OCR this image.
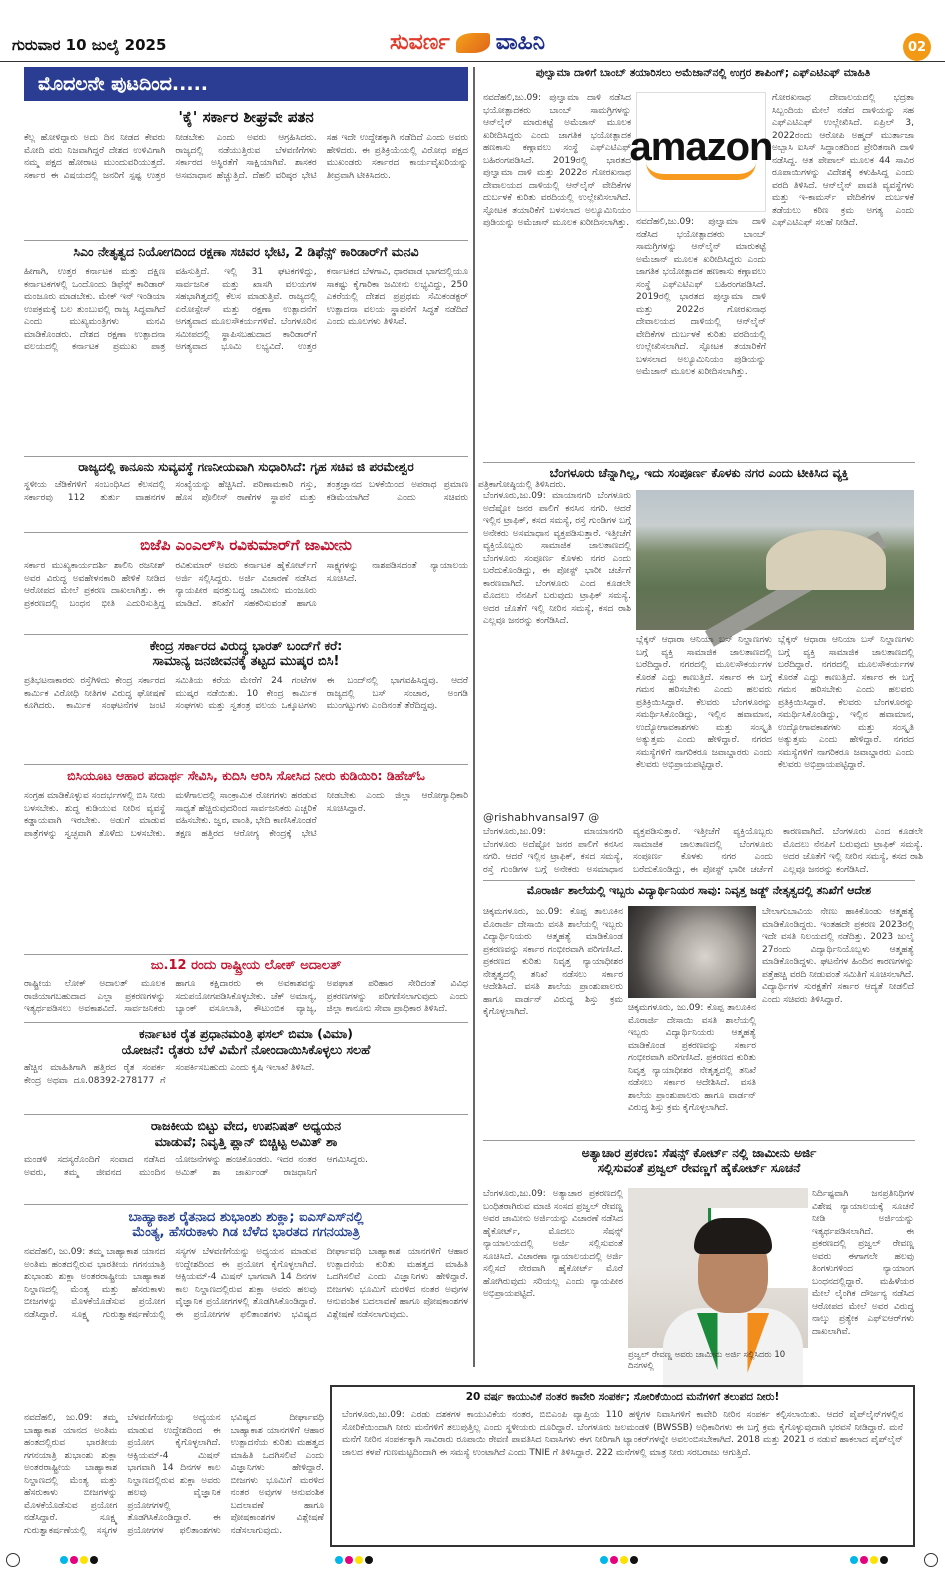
ಗುರುವಾರ 10 ಜುಲೈ 2025	ಸುವರ್ಣ ವಾಹಿನಿ	02
ಮೊದಲನೇ ಪುಟದಿಂದ.....
'ಕೈ' ಸರ್ಕಾರ ಶೀಘ್ರವೇ ಪತನ
ಕೆಲ್ಲ ಹೋಳಿದ್ದಾರು ಅದು ದಿನ ನೀಡದ ಕೇವರು ಮೋದಿ ವರು ನಿಜವಾಗಿದ್ದರೆ ದೇಶದ ಉಳಿವಿಗಾಗಿ ನಮ್ಮ ಪಕ್ಷದ ಹೋರಾಟ ಮುಂದುವರಿಯುತ್ತದೆ. ಸರ್ಕಾರ ಈ ವಿಷಯದಲ್ಲಿ ಜನರಿಗೆ ಸ್ಪಷ್ಟ ಉತ್ತರ ನೀಡಬೇಕು ಎಂದು ಅವರು ಆಗ್ರಹಿಸಿದರು. ರಾಜ್ಯದಲ್ಲಿ ನಡೆಯುತ್ತಿರುವ ಬೆಳವಣಿಗೆಗಳು ಸರ್ಕಾರದ ಅಸ್ಥಿರತೆಗೆ ಸಾಕ್ಷಿಯಾಗಿವೆ. ಶಾಸಕರ ಅಸಮಾಧಾನ ಹೆಚ್ಚುತ್ತಿದೆ. ದೆಹಲಿ ವರಿಷ್ಠರ ಭೇಟಿ ಸಹ ಇದೇ ಉದ್ದೇಶಕ್ಕಾಗಿ ನಡೆದಿದೆ ಎಂದು ಅವರು ಹೇಳಿದರು. ಈ ಪ್ರತಿಕ್ರಿಯೆಯಲ್ಲಿ ವಿರೋಧ ಪಕ್ಷದ ಮುಖಂಡರು ಸರ್ಕಾರದ ಕಾರ್ಯವೈಖರಿಯನ್ನು ತೀವ್ರವಾಗಿ ಟೀಕಿಸಿದರು.
ಸಿಎಂ ನೇತೃತ್ವದ ನಿಯೋಗದಿಂದ ರಕ್ಷಣಾ ಸಚಿವರ ಭೇಟಿ, 2 ಡಿಫೆನ್ಸ್ ಕಾರಿಡಾರ್‌ಗೆ ಮನವಿ
ಹೀಗಾಗಿ, ಉತ್ತರ ಕರ್ನಾಟಕ ಮತ್ತು ದಕ್ಷಿಣ ಕರ್ನಾಟಕಗಳಲ್ಲಿ ಒಂದೊಂದು ಡಿಫೆನ್ಸ್ ಕಾರಿಡಾರ್ ಮಂಜೂರು ಮಾಡಬೇಕು. ಮೇಕ್ ಇನ್ ಇಂಡಿಯಾ ಉಪಕ್ರಮಕ್ಕೆ ಬಲ ತುಂಬುವಲ್ಲಿ ರಾಜ್ಯ ಸಿದ್ಧವಾಗಿದೆ ಎಂದು ಮುಖ್ಯಮಂತ್ರಿಗಳು ಮನವಿ ಮಾಡಿಕೊಂಡರು. ದೇಶದ ರಕ್ಷಣಾ ಉತ್ಪಾದನಾ ವಲಯದಲ್ಲಿ ಕರ್ನಾಟಕ ಪ್ರಮುಖ ಪಾತ್ರ ವಹಿಸುತ್ತಿದೆ. ಇಲ್ಲಿ 31 ಘಟಕಗಳಿದ್ದು, ಸಾರ್ವಜನಿಕ ಮತ್ತು ಖಾಸಗಿ ವಲಯಗಳ ಸಹಭಾಗಿತ್ವದಲ್ಲಿ ಕೆಲಸ ಮಾಡುತ್ತಿವೆ. ರಾಜ್ಯದಲ್ಲಿ ಏರೋಸ್ಪೇಸ್ ಮತ್ತು ರಕ್ಷಣಾ ಉತ್ಪಾದನೆಗೆ ಅಗತ್ಯವಾದ ಮೂಲಸೌಕರ್ಯಗಳಿವೆ. ಬೆಂಗಳೂರಿನ ಸಮೀಪದಲ್ಲಿ ಸ್ಥಾಪಿಸಬಹುದಾದ ಕಾರಿಡಾರ್‌ಗೆ ಅಗತ್ಯವಾದ ಭೂಮಿ ಲಭ್ಯವಿದೆ. ಉತ್ತರ ಕರ್ನಾಟಕದ ಬೆಳಗಾವಿ, ಧಾರವಾಡ ಭಾಗದಲ್ಲಿಯೂ ಸಾಕಷ್ಟು ಕೈಗಾರಿಕಾ ಜಮೀನು ಲಭ್ಯವಿದ್ದು, 250 ಎಕರೆಯಲ್ಲಿ ದೇಶದ ಪ್ರಪ್ರಥಮ ಸೆಮಿಕಂಡಕ್ಟರ್ ಉತ್ಪಾದನಾ ವಲಯ ಸ್ಥಾಪನೆಗೆ ಸಿದ್ಧತೆ ನಡೆದಿದೆ ಎಂದು ಮೂಲಗಳು ತಿಳಿಸಿವೆ.
ರಾಜ್ಯದಲ್ಲಿ ಕಾನೂನು ಸುವ್ಯವಸ್ಥೆ ಗಣನೀಯವಾಗಿ ಸುಧಾರಿಸಿದೆ: ಗೃಹ ಸಚಿವ ಜಿ ಪರಮೇಶ್ವರ
ಸ್ಥಳೀಯ ಚೆಡಿಕೆಗಳಿಗೆ ಸಂಬಂಧಿಸಿದ ಕೆಲಸದಲ್ಲಿ ಸರ್ಕಾರವು 112 ತುರ್ತು ವಾಹನಗಳ ಸಂಖ್ಯೆಯನ್ನು ಹೆಚ್ಚಿಸಿದೆ. ಪರಿಣಾಮಕಾರಿ ಗಸ್ತು, ಹೊಸ ಪೊಲೀಸ್ ಠಾಣೆಗಳ ಸ್ಥಾಪನೆ ಮತ್ತು ತಂತ್ರಜ್ಞಾನದ ಬಳಕೆಯಿಂದ ಅಪರಾಧ ಪ್ರಮಾಣ ಕಡಿಮೆಯಾಗಿದೆ ಎಂದು ಸಚಿವರು ಪತ್ರಿಕಾಗೋಷ್ಠಿಯಲ್ಲಿ ತಿಳಿಸಿದರು.
ಬಿಜೆಪಿ ಎಂಎಲ್‌ಸಿ ರವಿಕುಮಾರ್‌ಗೆ ಜಾಮೀನು
ಸರ್ಕಾರ ಮುಖ್ಯಕಾರ್ಯದರ್ಶಿ ಶಾಲಿನಿ ರಜನೀಶ್ ಅವರ ವಿರುದ್ಧ ಅವಹೇಳನಕಾರಿ ಹೇಳಿಕೆ ನೀಡಿದ ಆರೋಪದ ಮೇಲೆ ಪ್ರಕರಣ ದಾಖಲಾಗಿತ್ತು. ಈ ಪ್ರಕರಣದಲ್ಲಿ ಬಂಧನ ಭೀತಿ ಎದುರಿಸುತ್ತಿದ್ದ ರವಿಕುಮಾರ್ ಅವರು ಕರ್ನಾಟಕ ಹೈಕೋರ್ಟ್‌ಗೆ ಅರ್ಜಿ ಸಲ್ಲಿಸಿದ್ದರು. ಅರ್ಜಿ ವಿಚಾರಣೆ ನಡೆಸಿದ ನ್ಯಾಯಪೀಠ ಷರತ್ತುಬದ್ಧ ಜಾಮೀನು ಮಂಜೂರು ಮಾಡಿದೆ. ತನಿಖೆಗೆ ಸಹಕರಿಸುವಂತೆ ಹಾಗೂ ಸಾಕ್ಷ್ಯಗಳನ್ನು ನಾಶಪಡಿಸದಂತೆ ನ್ಯಾಯಾಲಯ ಸೂಚಿಸಿದೆ.
ಕೇಂದ್ರ ಸರ್ಕಾರದ ವಿರುದ್ಧ ಭಾರತ್ ಬಂದ್‌ಗೆ ಕರೆ:
ಸಾಮಾನ್ಯ ಜನಜೀವನಕ್ಕೆ ತಟ್ಟದ ಮುಷ್ಕರ ಬಿಸಿ!
ಪ್ರತಿಭಟನಾಕಾರರು ರಸ್ತೆಗಿಳಿದು ಕೇಂದ್ರ ಸರ್ಕಾರದ ಕಾರ್ಮಿಕ ವಿರೋಧಿ ನೀತಿಗಳ ವಿರುದ್ಧ ಘೋಷಣೆ ಕೂಗಿದರು. ಕಾರ್ಮಿಕ ಸಂಘಟನೆಗಳ ಜಂಟಿ ಸಮಿತಿಯ ಕರೆಯ ಮೇರೆಗೆ 24 ಗಂಟೆಗಳ ಮುಷ್ಕರ ನಡೆಯಿತು. 10 ಕೇಂದ್ರ ಕಾರ್ಮಿಕ ಸಂಘಗಳು ಮತ್ತು ಸ್ವತಂತ್ರ ವಲಯ ಒಕ್ಕೂಟಗಳು ಈ ಬಂದ್‌ನಲ್ಲಿ ಭಾಗವಹಿಸಿದ್ದವು. ಆದರೆ ರಾಜ್ಯದಲ್ಲಿ ಬಸ್ ಸಂಚಾರ, ಅಂಗಡಿ ಮುಂಗಟ್ಟುಗಳು ಎಂದಿನಂತೆ ತೆರೆದಿದ್ದವು.
ಬಿಸಿಯೂಟ ಆಹಾರ ಪದಾರ್ಥ ಸೇವಿಸಿ, ಕುದಿಸಿ ಆರಿಸಿ ಸೋಸಿದ ನೀರು ಕುಡಿಯಿರಿ: ಡಿಹೆಚ್‌ಓ
ಸಂಗ್ರಹ ಮಾಡಿಕೊಳ್ಳುವ ಸಂದರ್ಭಗಳಲ್ಲಿ ಬಿಸಿ ನೀರು ಬಳಸಬೇಕು. ಶುದ್ಧ ಕುಡಿಯುವ ನೀರಿನ ವ್ಯವಸ್ಥೆ ಕಡ್ಡಾಯವಾಗಿ ಇರಬೇಕು. ಅಡುಗೆ ಮಾಡುವ ಪಾತ್ರೆಗಳನ್ನು ಸ್ವಚ್ಛವಾಗಿ ತೊಳೆದು ಬಳಸಬೇಕು. ಮಳೆಗಾಲದಲ್ಲಿ ಸಾಂಕ್ರಾಮಿಕ ರೋಗಗಳು ಹರಡುವ ಸಾಧ್ಯತೆ ಹೆಚ್ಚಿರುವುದರಿಂದ ಸಾರ್ವಜನಿಕರು ಎಚ್ಚರಿಕೆ ವಹಿಸಬೇಕು. ಜ್ವರ, ವಾಂತಿ, ಭೇದಿ ಕಾಣಿಸಿಕೊಂಡರೆ ತಕ್ಷಣ ಹತ್ತಿರದ ಆರೋಗ್ಯ ಕೇಂದ್ರಕ್ಕೆ ಭೇಟಿ ನೀಡಬೇಕು ಎಂದು ಜಿಲ್ಲಾ ಆರೋಗ್ಯಾಧಿಕಾರಿ ಸೂಚಿಸಿದ್ದಾರೆ.
ಜು.12 ರಂದು ರಾಷ್ಟ್ರೀಯ ಲೋಕ್ ಅದಾಲತ್
ರಾಷ್ಟ್ರೀಯ ಲೋಕ್ ಅದಾಲತ್ ಮೂಲಕ ರಾಜಿಯಾಗಬಹುದಾದ ಎಲ್ಲಾ ಪ್ರಕರಣಗಳನ್ನು ಇತ್ಯರ್ಥಪಡಿಸಲು ಅವಕಾಶವಿದೆ. ಸಾರ್ವಜನಿಕರು ಹಾಗೂ ಕಕ್ಷಿದಾರರು ಈ ಅವಕಾಶವನ್ನು ಸದುಪಯೋಗಪಡಿಸಿಕೊಳ್ಳಬೇಕು. ಚೆಕ್ ಅಮಾನ್ಯ, ಬ್ಯಾಂಕ್ ವಸೂಲಾತಿ, ಕೌಟುಂಬಿಕ ವ್ಯಾಜ್ಯ, ಅಪಘಾತ ಪರಿಹಾರ ಸೇರಿದಂತೆ ವಿವಿಧ ಪ್ರಕರಣಗಳನ್ನು ಪರಿಗಣಿಸಲಾಗುವುದು ಎಂದು ಜಿಲ್ಲಾ ಕಾನೂನು ಸೇವಾ ಪ್ರಾಧಿಕಾರ ತಿಳಿಸಿದೆ.
ಕರ್ನಾಟಕ ರೈತ ಪ್ರಧಾನಮಂತ್ರಿ ಫಸಲ್ ಬಿಮಾ (ವಿಮಾ)
ಯೋಜನೆ: ರೈತರು ಬೆಳೆ ವಿಮೆಗೆ ನೋಂದಾಯಿಸಿಕೊಳ್ಳಲು ಸಲಹೆ
ಹೆಚ್ಚಿನ ಮಾಹಿತಿಗಾಗಿ ಹತ್ತಿರದ ರೈತ ಸಂಪರ್ಕ ಕೇಂದ್ರ ಅಥವಾ ದೂ.08392-278177 ಗೆ ಸಂಪರ್ಕಿಸಬಹುದು ಎಂದು ಕೃಷಿ ಇಲಾಖೆ ತಿಳಿಸಿದೆ.
ರಾಜಕೀಯ ಬಿಟ್ಟು ವೇದ, ಉಪನಿಷತ್ ಅಧ್ಯಯನ
ಮಾಡುವೆ; ನಿವೃತ್ತಿ ಪ್ಲಾನ್ ಬಿಚ್ಚಿಟ್ಟ ಅಮಿತ್ ಶಾ
ಮಂಡಳಿ ಸದಸ್ಯರೊಂದಿಗೆ ಸಂವಾದ ನಡೆಸಿದ ಅವರು, ತಮ್ಮ ಜೀವನದ ಮುಂದಿನ ಯೋಜನೆಗಳನ್ನು ಹಂಚಿಕೊಂಡರು. ಇದರ ನಂತರ ಅಮಿತ್ ಶಾ ಜಾರ್ಖಂಡ್ ರಾಜಧಾನಿಗೆ ಆಗಮಿಸಿದ್ದರು.
ಬಾಹ್ಯಾಕಾಶ ರೈತನಾದ ಶುಭಾಂಶು ಶುಕ್ಲಾ; ಐಎಸ್‌ಎಸ್‌ನಲ್ಲಿ
ಮೆಂತ್ಯ, ಹೆಸರುಕಾಳು ಗಿಡ ಬೆಳೆದ ಭಾರತದ ಗಗನಯಾತ್ರಿ
ನವದೆಹಲಿ, ಜು.09: ತಮ್ಮ ಬಾಹ್ಯಾಕಾಶ ಯಾನದ ಅಂತಿಮ ಹಂತದಲ್ಲಿರುವ ಭಾರತೀಯ ಗಗನಯಾತ್ರಿ ಶುಭಾಂಶು ಶುಕ್ಲಾ ಅಂತರರಾಷ್ಟ್ರೀಯ ಬಾಹ್ಯಾಕಾಶ ನಿಲ್ದಾಣದಲ್ಲಿ ಮೆಂತ್ಯ ಮತ್ತು ಹೆಸರುಕಾಳು ಬೀಜಗಳನ್ನು ಮೊಳಕೆಯೊಡೆಸುವ ಪ್ರಯೋಗ ನಡೆಸಿದ್ದಾರೆ. ಸೂಕ್ಷ್ಮ ಗುರುತ್ವಾಕರ್ಷಣೆಯಲ್ಲಿ ಸಸ್ಯಗಳ ಬೆಳವಣಿಗೆಯನ್ನು ಅಧ್ಯಯನ ಮಾಡುವ ಉದ್ದೇಶದಿಂದ ಈ ಪ್ರಯೋಗ ಕೈಗೊಳ್ಳಲಾಗಿದೆ. ಆಕ್ಸಿಯಮ್-4 ಮಿಷನ್ ಭಾಗವಾಗಿ 14 ದಿನಗಳ ಕಾಲ ನಿಲ್ದಾಣದಲ್ಲಿರುವ ಶುಕ್ಲಾ ಅವರು ಹಲವು ವೈಜ್ಞಾನಿಕ ಪ್ರಯೋಗಗಳಲ್ಲಿ ತೊಡಗಿಸಿಕೊಂಡಿದ್ದಾರೆ. ಈ ಪ್ರಯೋಗಗಳ ಫಲಿತಾಂಶಗಳು ಭವಿಷ್ಯದ ದೀರ್ಘಾವಧಿ ಬಾಹ್ಯಾಕಾಶ ಯಾನಗಳಿಗೆ ಆಹಾರ ಉತ್ಪಾದನೆಯ ಕುರಿತು ಮಹತ್ವದ ಮಾಹಿತಿ ಒದಗಿಸಲಿವೆ ಎಂದು ವಿಜ್ಞಾನಿಗಳು ಹೇಳಿದ್ದಾರೆ. ಬೀಜಗಳು ಭೂಮಿಗೆ ಮರಳಿದ ನಂತರ ಅವುಗಳ ಆನುವಂಶಿಕ ಬದಲಾವಣೆ ಹಾಗೂ ಪೋಷಕಾಂಶಗಳ ವಿಶ್ಲೇಷಣೆ ನಡೆಸಲಾಗುವುದು.
ನವದೆಹಲಿ, ಜು.09: ತಮ್ಮ ಬಾಹ್ಯಾಕಾಶ ಯಾನದ ಅಂತಿಮ ಹಂತದಲ್ಲಿರುವ ಭಾರತೀಯ ಗಗನಯಾತ್ರಿ ಶುಭಾಂಶು ಶುಕ್ಲಾ ಅಂತರರಾಷ್ಟ್ರೀಯ ಬಾಹ್ಯಾಕಾಶ ನಿಲ್ದಾಣದಲ್ಲಿ ಮೆಂತ್ಯ ಮತ್ತು ಹೆಸರುಕಾಳು ಬೀಜಗಳನ್ನು ಮೊಳಕೆಯೊಡೆಸುವ ಪ್ರಯೋಗ ನಡೆಸಿದ್ದಾರೆ. ಸೂಕ್ಷ್ಮ ಗುರುತ್ವಾಕರ್ಷಣೆಯಲ್ಲಿ ಸಸ್ಯಗಳ ಬೆಳವಣಿಗೆಯನ್ನು ಅಧ್ಯಯನ ಮಾಡುವ ಉದ್ದೇಶದಿಂದ ಈ ಪ್ರಯೋಗ ಕೈಗೊಳ್ಳಲಾಗಿದೆ. ಆಕ್ಸಿಯಮ್-4 ಮಿಷನ್ ಭಾಗವಾಗಿ 14 ದಿನಗಳ ಕಾಲ ನಿಲ್ದಾಣದಲ್ಲಿರುವ ಶುಕ್ಲಾ ಅವರು ಹಲವು ವೈಜ್ಞಾನಿಕ ಪ್ರಯೋಗಗಳಲ್ಲಿ ತೊಡಗಿಸಿಕೊಂಡಿದ್ದಾರೆ. ಈ ಪ್ರಯೋಗಗಳ ಫಲಿತಾಂಶಗಳು ಭವಿಷ್ಯದ ದೀರ್ಘಾವಧಿ ಬಾಹ್ಯಾಕಾಶ ಯಾನಗಳಿಗೆ ಆಹಾರ ಉತ್ಪಾದನೆಯ ಕುರಿತು ಮಹತ್ವದ ಮಾಹಿತಿ ಒದಗಿಸಲಿವೆ ಎಂದು ವಿಜ್ಞಾನಿಗಳು ಹೇಳಿದ್ದಾರೆ. ಬೀಜಗಳು ಭೂಮಿಗೆ ಮರಳಿದ ನಂತರ ಅವುಗಳ ಆನುವಂಶಿಕ ಬದಲಾವಣೆ ಹಾಗೂ ಪೋಷಕಾಂಶಗಳ ವಿಶ್ಲೇಷಣೆ ನಡೆಸಲಾಗುವುದು.
ಪುಲ್ವಾಮಾ ದಾಳಿಗೆ ಬಾಂಬ್ ತಯಾರಿಸಲು ಅಮೆಜಾನ್‌ನಲ್ಲಿ ಉಗ್ರರ ಶಾಪಿಂಗ್; ಎಫ್‌ಎಟಿಎಫ್ ಮಾಹಿತಿ
ನವದೆಹಲಿ,ಜು.09: ಪುಲ್ವಾಮಾ ದಾಳಿ ನಡೆಸಿದ ಭಯೋತ್ಪಾದಕರು ಬಾಂಬ್ ಸಾಮಗ್ರಿಗಳನ್ನು ಆನ್‌ಲೈನ್ ಮಾರುಕಟ್ಟೆ ಅಮೆಜಾನ್ ಮೂಲಕ ಖರೀದಿಸಿದ್ದರು ಎಂದು ಜಾಗತಿಕ ಭಯೋತ್ಪಾದಕ ಹಣಕಾಸು ಕಣ್ಗಾವಲು ಸಂಸ್ಥೆ ಎಫ್‌ಎಟಿಎಫ್ ಬಹಿರಂಗಪಡಿಸಿದೆ. 2019ರಲ್ಲಿ ಭಾರತದ ಪುಲ್ವಾಮಾ ದಾಳಿ ಮತ್ತು 2022ರ ಗೋರಖನಾಥ ದೇವಾಲಯದ ದಾಳಿಯಲ್ಲಿ ಆನ್‌ಲೈನ್ ವೇದಿಕೆಗಳ ದುರ್ಬಳಕೆ ಕುರಿತು ವರದಿಯಲ್ಲಿ ಉಲ್ಲೇಖಿಸಲಾಗಿದೆ. ಸ್ಫೋಟಕ ತಯಾರಿಕೆಗೆ ಬಳಸಲಾದ ಅಲ್ಯೂಮಿನಿಯಂ ಪುಡಿಯನ್ನು ಅಮೆಜಾನ್ ಮೂಲಕ ಖರೀದಿಸಲಾಗಿತ್ತು.
amazon
ನವದೆಹಲಿ,ಜು.09: ಪುಲ್ವಾಮಾ ದಾಳಿ ನಡೆಸಿದ ಭಯೋತ್ಪಾದಕರು ಬಾಂಬ್ ಸಾಮಗ್ರಿಗಳನ್ನು ಆನ್‌ಲೈನ್ ಮಾರುಕಟ್ಟೆ ಅಮೆಜಾನ್ ಮೂಲಕ ಖರೀದಿಸಿದ್ದರು ಎಂದು ಜಾಗತಿಕ ಭಯೋತ್ಪಾದಕ ಹಣಕಾಸು ಕಣ್ಗಾವಲು ಸಂಸ್ಥೆ ಎಫ್‌ಎಟಿಎಫ್ ಬಹಿರಂಗಪಡಿಸಿದೆ. 2019ರಲ್ಲಿ ಭಾರತದ ಪುಲ್ವಾಮಾ ದಾಳಿ ಮತ್ತು 2022ರ ಗೋರಖನಾಥ ದೇವಾಲಯದ ದಾಳಿಯಲ್ಲಿ ಆನ್‌ಲೈನ್ ವೇದಿಕೆಗಳ ದುರ್ಬಳಕೆ ಕುರಿತು ವರದಿಯಲ್ಲಿ ಉಲ್ಲೇಖಿಸಲಾಗಿದೆ. ಸ್ಫೋಟಕ ತಯಾರಿಕೆಗೆ ಬಳಸಲಾದ ಅಲ್ಯೂಮಿನಿಯಂ ಪುಡಿಯನ್ನು ಅಮೆಜಾನ್ ಮೂಲಕ ಖರೀದಿಸಲಾಗಿತ್ತು.
ಗೋರಖನಾಥ ದೇವಾಲಯದಲ್ಲಿ ಭದ್ರತಾ ಸಿಬ್ಬಂದಿಯ ಮೇಲೆ ನಡೆದ ದಾಳಿಯನ್ನು ಸಹ ಎಫ್‌ಎಟಿಎಫ್ ಉಲ್ಲೇಖಿಸಿದೆ. ಏಪ್ರಿಲ್ 3, 2022ರಂದು ಆರೋಪಿ ಅಹ್ಮದ್ ಮುರ್ತಾಜಾ ಅಬ್ಬಾಸಿ ಐಸಿಸ್ ಸಿದ್ಧಾಂತದಿಂದ ಪ್ರೇರಿತನಾಗಿ ದಾಳಿ ನಡೆಸಿದ್ದ. ಆತ ಪೇಪಾಲ್ ಮೂಲಕ 44 ಸಾವಿರ ರೂಪಾಯಿಗಳನ್ನು ವಿದೇಶಕ್ಕೆ ಕಳುಹಿಸಿದ್ದ ಎಂದು ವರದಿ ತಿಳಿಸಿದೆ. ಆನ್‌ಲೈನ್ ಪಾವತಿ ವ್ಯವಸ್ಥೆಗಳು ಮತ್ತು ಇ-ಕಾಮರ್ಸ್ ವೇದಿಕೆಗಳ ದುರ್ಬಳಕೆ ತಡೆಯಲು ಕಠಿಣ ಕ್ರಮ ಅಗತ್ಯ ಎಂದು ಎಫ್‌ಎಟಿಎಫ್ ಸಲಹೆ ನೀಡಿದೆ.
ಬೆಂಗಳೂರು ಚೆನ್ನಾಗಿಲ್ಲ, ಇದು ಸಂಪೂರ್ಣ ಕೊಳಕು ನಗರ ಎಂದು ಟೀಕಿಸಿದ ವ್ಯಕ್ತಿ
ಬೆಂಗಳೂರು,ಜು.09: ಮಾಯಾನಗರಿ ಬೆಂಗಳೂರು ಅದೆಷ್ಟೋ ಜನರ ಪಾಲಿಗೆ ಕನಸಿನ ನಗರಿ. ಆದರೆ ಇಲ್ಲಿನ ಟ್ರಾಫಿಕ್, ಕಸದ ಸಮಸ್ಯೆ, ರಸ್ತೆ ಗುಂಡಿಗಳ ಬಗ್ಗೆ ಅನೇಕರು ಅಸಮಾಧಾನ ವ್ಯಕ್ತಪಡಿಸುತ್ತಾರೆ. ಇತ್ತೀಚೆಗೆ ವ್ಯಕ್ತಿಯೊಬ್ಬರು ಸಾಮಾಜಿಕ ಜಾಲತಾಣದಲ್ಲಿ ಬೆಂಗಳೂರು ಸಂಪೂರ್ಣ ಕೊಳಕು ನಗರ ಎಂದು ಬರೆದುಕೊಂಡಿದ್ದು, ಈ ಪೋಸ್ಟ್ ಭಾರೀ ಚರ್ಚೆಗೆ ಕಾರಣವಾಗಿದೆ. ಬೆಂಗಳೂರು ಎಂದ ಕೂಡಲೇ ಮೊದಲು ನೆನಪಿಗೆ ಬರುವುದು ಟ್ರಾಫಿಕ್ ಸಮಸ್ಯೆ. ಅದರ ಜೊತೆಗೆ ಇಲ್ಲಿ ನೀರಿನ ಸಮಸ್ಯೆ, ಕಸದ ರಾಶಿ ಎಲ್ಲವೂ ಜನರನ್ನು ಕಂಗೆಡಿಸಿದೆ.
ಬ್ಲೆಕ್ಕನ್ ಆಧಾರಾ ಆನಿಯಾ ಬಸ್ ನಿಲ್ದಾಣಗಳು ಬಗ್ಗೆ ವ್ಯಕ್ತಿ ಸಾಮಾಜಿಕ ಜಾಲತಾಣದಲ್ಲಿ ಬರೆದಿದ್ದಾರೆ. ನಗರದಲ್ಲಿ ಮೂಲಸೌಕರ್ಯಗಳ ಕೊರತೆ ಎದ್ದು ಕಾಣುತ್ತಿದೆ. ಸರ್ಕಾರ ಈ ಬಗ್ಗೆ ಗಮನ ಹರಿಸಬೇಕು ಎಂದು ಹಲವರು ಪ್ರತಿಕ್ರಿಯಿಸಿದ್ದಾರೆ. ಕೆಲವರು ಬೆಂಗಳೂರನ್ನು ಸಮರ್ಥಿಸಿಕೊಂಡಿದ್ದು, ಇಲ್ಲಿನ ಹವಾಮಾನ, ಉದ್ಯೋಗಾವಕಾಶಗಳು ಮತ್ತು ಸಂಸ್ಕೃತಿ ಅತ್ಯುತ್ತಮ ಎಂದು ಹೇಳಿದ್ದಾರೆ. ನಗರದ ಸಮಸ್ಯೆಗಳಿಗೆ ನಾಗರಿಕರೂ ಜವಾಬ್ದಾರರು ಎಂದು ಕೆಲವರು ಅಭಿಪ್ರಾಯಪಟ್ಟಿದ್ದಾರೆ.
ಬ್ಲೆಕ್ಕನ್ ಆಧಾರಾ ಆನಿಯಾ ಬಸ್ ನಿಲ್ದಾಣಗಳು ಬಗ್ಗೆ ವ್ಯಕ್ತಿ ಸಾಮಾಜಿಕ ಜಾಲತಾಣದಲ್ಲಿ ಬರೆದಿದ್ದಾರೆ. ನಗರದಲ್ಲಿ ಮೂಲಸೌಕರ್ಯಗಳ ಕೊರತೆ ಎದ್ದು ಕಾಣುತ್ತಿದೆ. ಸರ್ಕಾರ ಈ ಬಗ್ಗೆ ಗಮನ ಹರಿಸಬೇಕು ಎಂದು ಹಲವರು ಪ್ರತಿಕ್ರಿಯಿಸಿದ್ದಾರೆ. ಕೆಲವರು ಬೆಂಗಳೂರನ್ನು ಸಮರ್ಥಿಸಿಕೊಂಡಿದ್ದು, ಇಲ್ಲಿನ ಹವಾಮಾನ, ಉದ್ಯೋಗಾವಕಾಶಗಳು ಮತ್ತು ಸಂಸ್ಕೃತಿ ಅತ್ಯುತ್ತಮ ಎಂದು ಹೇಳಿದ್ದಾರೆ. ನಗರದ ಸಮಸ್ಯೆಗಳಿಗೆ ನಾಗರಿಕರೂ ಜವಾಬ್ದಾರರು ಎಂದು ಕೆಲವರು ಅಭಿಪ್ರಾಯಪಟ್ಟಿದ್ದಾರೆ.
@rishabhvansal97 @
ಬೆಂಗಳೂರು,ಜು.09: ಮಾಯಾನಗರಿ ಬೆಂಗಳೂರು ಅದೆಷ್ಟೋ ಜನರ ಪಾಲಿಗೆ ಕನಸಿನ ನಗರಿ. ಆದರೆ ಇಲ್ಲಿನ ಟ್ರಾಫಿಕ್, ಕಸದ ಸಮಸ್ಯೆ, ರಸ್ತೆ ಗುಂಡಿಗಳ ಬಗ್ಗೆ ಅನೇಕರು ಅಸಮಾಧಾನ ವ್ಯಕ್ತಪಡಿಸುತ್ತಾರೆ. ಇತ್ತೀಚೆಗೆ ವ್ಯಕ್ತಿಯೊಬ್ಬರು ಸಾಮಾಜಿಕ ಜಾಲತಾಣದಲ್ಲಿ ಬೆಂಗಳೂರು ಸಂಪೂರ್ಣ ಕೊಳಕು ನಗರ ಎಂದು ಬರೆದುಕೊಂಡಿದ್ದು, ಈ ಪೋಸ್ಟ್ ಭಾರೀ ಚರ್ಚೆಗೆ ಕಾರಣವಾಗಿದೆ. ಬೆಂಗಳೂರು ಎಂದ ಕೂಡಲೇ ಮೊದಲು ನೆನಪಿಗೆ ಬರುವುದು ಟ್ರಾಫಿಕ್ ಸಮಸ್ಯೆ. ಅದರ ಜೊತೆಗೆ ಇಲ್ಲಿ ನೀರಿನ ಸಮಸ್ಯೆ, ಕಸದ ರಾಶಿ ಎಲ್ಲವೂ ಜನರನ್ನು ಕಂಗೆಡಿಸಿದೆ.
ಮೊರಾರ್ಜಿ ಶಾಲೆಯಲ್ಲಿ ಇಬ್ಬರು ವಿದ್ಯಾರ್ಥಿನಿಯರ ಸಾವು: ನಿವೃತ್ತ ಜಡ್ಜ್ ನೇತೃತ್ವದಲ್ಲಿ ತನಿಖೆಗೆ ಆದೇಶ
ಚಿಕ್ಕಮಗಳೂರು, ಜು.09: ಕೊಪ್ಪ ತಾಲೂಕಿನ ಮೊರಾರ್ಜಿ ದೇಸಾಯಿ ವಸತಿ ಶಾಲೆಯಲ್ಲಿ ಇಬ್ಬರು ವಿದ್ಯಾರ್ಥಿನಿಯರು ಆತ್ಮಹತ್ಯೆ ಮಾಡಿಕೊಂಡ ಪ್ರಕರಣವನ್ನು ಸರ್ಕಾರ ಗಂಭೀರವಾಗಿ ಪರಿಗಣಿಸಿದೆ. ಪ್ರಕರಣದ ಕುರಿತು ನಿವೃತ್ತ ನ್ಯಾಯಾಧೀಶರ ನೇತೃತ್ವದಲ್ಲಿ ತನಿಖೆ ನಡೆಸಲು ಸರ್ಕಾರ ಆದೇಶಿಸಿದೆ. ವಸತಿ ಶಾಲೆಯ ಪ್ರಾಂಶುಪಾಲರು ಹಾಗೂ ವಾರ್ಡನ್ ವಿರುದ್ಧ ಶಿಸ್ತು ಕ್ರಮ ಕೈಗೊಳ್ಳಲಾಗಿದೆ.	ಚಿಕ್ಕಮಗಳೂರು, ಜು.09: ಕೊಪ್ಪ ತಾಲೂಕಿನ ಮೊರಾರ್ಜಿ ದೇಸಾಯಿ ವಸತಿ ಶಾಲೆಯಲ್ಲಿ ಇಬ್ಬರು ವಿದ್ಯಾರ್ಥಿನಿಯರು ಆತ್ಮಹತ್ಯೆ ಮಾಡಿಕೊಂಡ ಪ್ರಕರಣವನ್ನು ಸರ್ಕಾರ ಗಂಭೀರವಾಗಿ ಪರಿಗಣಿಸಿದೆ. ಪ್ರಕರಣದ ಕುರಿತು ನಿವೃತ್ತ ನ್ಯಾಯಾಧೀಶರ ನೇತೃತ್ವದಲ್ಲಿ ತನಿಖೆ ನಡೆಸಲು ಸರ್ಕಾರ ಆದೇಶಿಸಿದೆ. ವಸತಿ ಶಾಲೆಯ ಪ್ರಾಂಶುಪಾಲರು ಹಾಗೂ ವಾರ್ಡನ್ ವಿರುದ್ಧ ಶಿಸ್ತು ಕ್ರಮ ಕೈಗೊಳ್ಳಲಾಗಿದೆ.
ಬೇಲಾಗುಬಾವಿಯ ನೇಣು ಹಾಕಿಕೊಂಡು ಆತ್ಮಹತ್ಯೆ ಮಾಡಿಕೊಂಡಿದ್ದರು. ಇಂತಹದೇ ಪ್ರಕರಣ 2023ರಲ್ಲಿ ಇದೇ ವಸತಿ ನಿಲಯದಲ್ಲಿ ನಡೆದಿತ್ತು. 2023 ಜುಲೈ 27ರಂದು ವಿದ್ಯಾರ್ಥಿನಿಯೊಬ್ಬಳು ಆತ್ಮಹತ್ಯೆ ಮಾಡಿಕೊಂಡಿದ್ದಳು. ಘಟನೆಗಳ ಹಿಂದಿನ ಕಾರಣಗಳನ್ನು ಪತ್ತೆಹಚ್ಚಿ ವರದಿ ನೀಡುವಂತೆ ಸಮಿತಿಗೆ ಸೂಚಿಸಲಾಗಿದೆ. ವಿದ್ಯಾರ್ಥಿಗಳ ಸುರಕ್ಷತೆಗೆ ಸರ್ಕಾರ ಆದ್ಯತೆ ನೀಡಲಿದೆ ಎಂದು ಸಚಿವರು ತಿಳಿಸಿದ್ದಾರೆ.
ಅತ್ಯಾಚಾರ ಪ್ರಕರಣ: ಸೆಷನ್ಸ್ ಕೋರ್ಟ್ ನಲ್ಲಿ ಜಾಮೀನು ಅರ್ಜಿ
ಸಲ್ಲಿಸುವಂತೆ ಪ್ರಜ್ವಲ್ ರೇವಣ್ಣಗೆ ಹೈಕೋರ್ಟ್ ಸೂಚನೆ
ಬೆಂಗಳೂರು,ಜು.09: ಅತ್ಯಾಚಾರ ಪ್ರಕರಣದಲ್ಲಿ ಬಂಧಿತರಾಗಿರುವ ಮಾಜಿ ಸಂಸದ ಪ್ರಜ್ವಲ್ ರೇವಣ್ಣ ಅವರ ಜಾಮೀನು ಅರ್ಜಿಯನ್ನು ವಿಚಾರಣೆ ನಡೆಸಿದ ಹೈಕೋರ್ಟ್, ಮೊದಲು ಸೆಷನ್ಸ್ ನ್ಯಾಯಾಲಯದಲ್ಲಿ ಅರ್ಜಿ ಸಲ್ಲಿಸುವಂತೆ ಸೂಚಿಸಿದೆ. ವಿಚಾರಣಾ ನ್ಯಾಯಾಲಯದಲ್ಲಿ ಅರ್ಜಿ ಸಲ್ಲಿಸದೆ ನೇರವಾಗಿ ಹೈಕೋರ್ಟ್ ಮೊರೆ ಹೋಗಿರುವುದು ಸರಿಯಲ್ಲ ಎಂದು ನ್ಯಾಯಪೀಠ ಅಭಿಪ್ರಾಯಪಟ್ಟಿದೆ.
ಪ್ರಜ್ವಲ್ ರೇವಣ್ಣ ಅವರು ಜಾಮೀನು ಅರ್ಜಿ ಸಲ್ಲಿಸಿದರು 10 ದಿನಗಳಲ್ಲಿ
ನಿರ್ದಿಷ್ಟವಾಗಿ ಜನಪ್ರತಿನಿಧಿಗಳ ವಿಶೇಷ ನ್ಯಾಯಾಲಯಕ್ಕೆ ಸೂಚನೆ ನೀಡಿ ಅರ್ಜಿಯನ್ನು ಇತ್ಯರ್ಥಪಡಿಸಲಾಗಿದೆ. ಈ ಪ್ರಕರಣದಲ್ಲಿ ಪ್ರಜ್ವಲ್ ರೇವಣ್ಣ ಅವರು ಈಗಾಗಲೇ ಹಲವು ತಿಂಗಳುಗಳಿಂದ ನ್ಯಾಯಾಂಗ ಬಂಧನದಲ್ಲಿದ್ದಾರೆ. ಮಹಿಳೆಯರ ಮೇಲೆ ಲೈಂಗಿಕ ದೌರ್ಜನ್ಯ ನಡೆಸಿದ ಆರೋಪದ ಮೇಲೆ ಅವರ ವಿರುದ್ಧ ನಾಲ್ಕು ಪ್ರತ್ಯೇಕ ಎಫ್‌ಐಆರ್‌ಗಳು ದಾಖಲಾಗಿವೆ.
20 ವರ್ಷ ಕಾಯುವಿಕೆ ನಂತರ ಕಾವೇರಿ ಸಂಪರ್ಕ; ಸೋರಿಕೆಯಿಂದ ಮನೆಗಳಿಗೆ ತಲುಪದ ನೀರು!
ಬೆಂಗಳೂರು,ಜು.09: ಎರಡು ದಶಕಗಳ ಕಾಯುವಿಕೆಯ ನಂತರ, ಬಿಬಿಎಂಪಿ ವ್ಯಾಪ್ತಿಯ 110 ಹಳ್ಳಿಗಳ ನಿವಾಸಿಗಳಿಗೆ ಕಾವೇರಿ ನೀರಿನ ಸಂಪರ್ಕ ಕಲ್ಪಿಸಲಾಯಿತು. ಆದರೆ ಪೈಪ್‌ಲೈನ್‌ಗಳಲ್ಲಿನ ಸೋರಿಕೆಯಿಂದಾಗಿ ನೀರು ಮನೆಗಳಿಗೆ ತಲುಪುತ್ತಿಲ್ಲ ಎಂದು ಸ್ಥಳೀಯರು ದೂರಿದ್ದಾರೆ. ಬೆಂಗಳೂರು ಜಲಮಂಡಳಿ (BWSSB) ಅಧಿಕಾರಿಗಳು ಈ ಬಗ್ಗೆ ಕ್ರಮ ಕೈಗೊಳ್ಳುವುದಾಗಿ ಭರವಸೆ ನೀಡಿದ್ದಾರೆ. ಮನೆ ಮನೆಗೆ ನೀರಿನ ಸಂಪರ್ಕಕ್ಕಾಗಿ ಸಾವಿರಾರು ರೂಪಾಯಿ ಠೇವಣಿ ಪಾವತಿಸಿದ ನಿವಾಸಿಗಳು ಈಗ ನೀರಿಗಾಗಿ ಟ್ಯಾಂಕರ್‌ಗಳನ್ನೇ ಅವಲಂಬಿಸಬೇಕಾಗಿದೆ. 2018 ಮತ್ತು 2021 ರ ನಡುವೆ ಹಾಕಲಾದ ಪೈಪ್‌ಲೈನ್ ಜಾಲದ ಕಳಪೆ ಗುಣಮಟ್ಟದಿಂದಾಗಿ ಈ ಸಮಸ್ಯೆ ಉಂಟಾಗಿದೆ ಎಂದು TNIE ಗೆ ತಿಳಿಸಿದ್ದಾರೆ. 222 ಮನೆಗಳಲ್ಲಿ ಮಾತ್ರ ನೀರು ಸರಬರಾಜು ಆಗುತ್ತಿದೆ.
